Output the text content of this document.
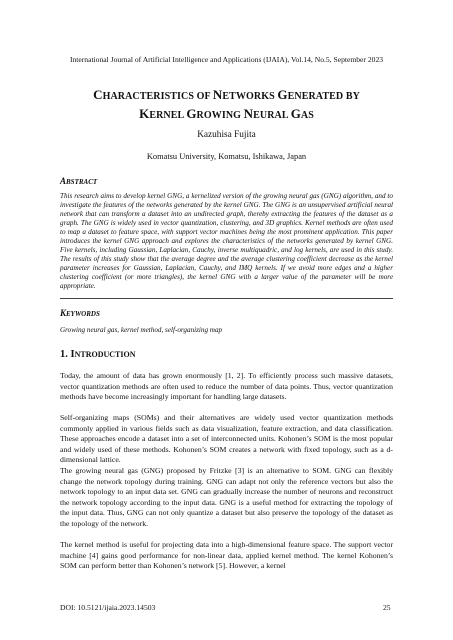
International Journal of Artificial Intelligence and Applications (IJAIA), Vol.14, No.5, September 2023
CHARACTERISTICS OF NETWORKS GENERATED BY
KERNEL GROWING NEURAL GAS
Kazuhisa Fujita
Komatsu University, Komatsu, Ishikawa, Japan
ABSTRACT
This research aims to develop kernel GNG, a kernelized version of the growing neural gas (GNG) algorithm, and to investigate the features of the networks generated by the kernel GNG. The GNG is an unsupervised artificial neural network that can transform a dataset into an undirected graph, thereby extracting the features of the dataset as a graph. The GNG is widely used in vector quantization, clustering, and 3D graphics. Kernel methods are often used to map a dataset to feature space, with support vector machines being the most prominent application. This paper introduces the kernel GNG approach and explores the characteristics of the networks generated by kernel GNG. Five kernels, including Gaussian, Laplacian, Cauchy, inverse multiquadric, and log kernels, are used in this study. The results of this study show that the average degree and the average clustering coefficient decrease as the kernel parameter increases for Gaussian, Laplacian, Cauchy, and IMQ kernels. If we avoid more edges and a higher clustering coefficient (or more triangles), the kernel GNG with a larger value of the parameter will be more appropriate.
KEYWORDS
Growing neural gas, kernel method, self-organizing map
1. INTRODUCTION
Today, the amount of data has grown enormously [1, 2]. To efficiently process such massive datasets, vector quantization methods are often used to reduce the number of data points. Thus, vector quantization methods have become increasingly important for handling large datasets.
Self-organizing maps (SOMs) and their alternatives are widely used vector quantization methods commonly applied in various fields such as data visualization, feature extraction, and data classification. These approaches encode a dataset into a set of interconnected units. Kohonen’s SOM is the most popular and widely used of these methods. Kohonen’s SOM creates a network with fixed topology, such as a d-dimensional lattice.
The growing neural gas (GNG) proposed by Fritzke [3] is an alternative to SOM. GNG can flexibly change the network topology during training. GNG can adapt not only the reference vectors but also the network topology to an input data set. GNG can gradually increase the number of neurons and reconstruct the network topology according to the input data. GNG is a useful method for extracting the topology of the input data. Thus, GNG can not only quantize a dataset but also preserve the topology of the dataset as the topology of the network.
The kernel method is useful for projecting data into a high-dimensional feature space. The support vector machine [4] gains good performance for non-linear data, applied kernel method. The kernel Kohonen’s SOM can perform better than Kohonen’s network [5]. However, a kernel
DOI: 10.5121/ijaia.2023.14503	25
